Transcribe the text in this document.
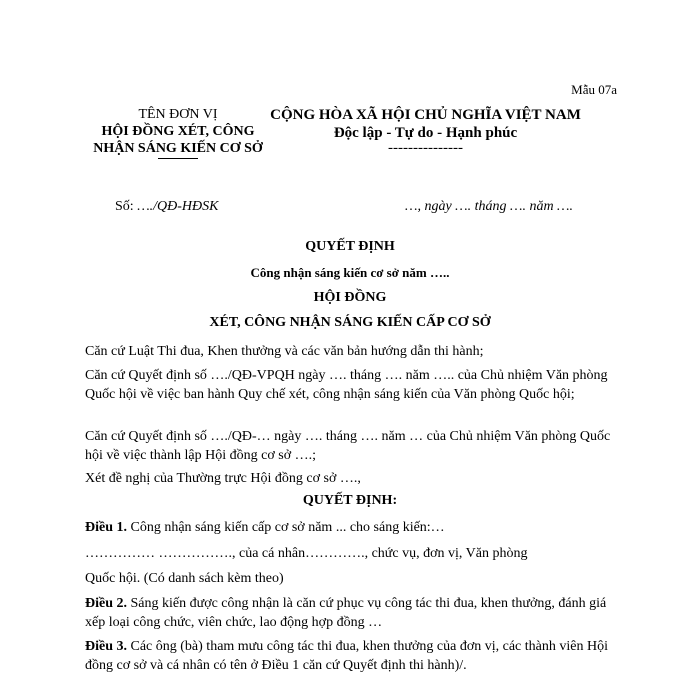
Mẫu 07a
TÊN ĐƠN VỊ
HỘI ĐỒNG XÉT, CÔNG NHẬN SÁNG KIẾN CƠ SỞ
CỘNG HÒA XÃ HỘI CHỦ NGHĨA VIỆT NAM
Độc lập - Tự do - Hạnh phúc
---------------
Số: …./QĐ-HĐSK	…, ngày …. tháng …. năm ….
QUYẾT ĐỊNH
Công nhận sáng kiến cơ sở năm …..
HỘI ĐỒNG
XÉT, CÔNG NHẬN SÁNG KIẾN CẤP CƠ SỞ
Căn cứ Luật Thi đua, Khen thưởng và các văn bản hướng dẫn thi hành;
Căn cứ Quyết định số …./QĐ-VPQH ngày …. tháng …. năm ….. của Chủ nhiệm Văn phòng Quốc hội về việc ban hành Quy chế xét, công nhận sáng kiến của Văn phòng Quốc hội;
Căn cứ Quyết định số …./QĐ-… ngày …. tháng …. năm … của Chủ nhiệm Văn phòng Quốc hội về việc thành lập Hội đồng cơ sở ….;
Xét đề nghị của Thường trực Hội đồng cơ sở ….,
QUYẾT ĐỊNH:
Điều 1. Công nhận sáng kiến cấp cơ sở năm ... cho sáng kiến:…
…………… ……………., của cá nhân…………., chức vụ, đơn vị, Văn phòng
Quốc hội. (Có danh sách kèm theo)
Điều 2. Sáng kiến được công nhận là căn cứ phục vụ công tác thi đua, khen thưởng, đánh giá xếp loại công chức, viên chức, lao động hợp đồng …
Điều 3. Các ông (bà) tham mưu công tác thi đua, khen thưởng của đơn vị, các thành viên Hội đồng cơ sở và cá nhân có tên ở Điều 1 căn cứ Quyết định thi hành)/.
